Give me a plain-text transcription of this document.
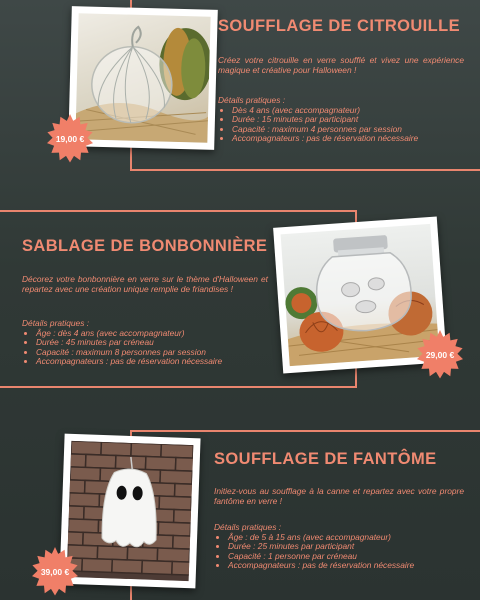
SOUFFLAGE DE CITROUILLE
Créez votre citrouille en verre soufflé et vivez une expérience magique et créative pour Halloween !
Détails pratiques :
• Dès 4 ans (avec accompagnateur)
• Durée : 15 minutes par participant
• Capacité : maximum 4 personnes par session
• Accompagnateurs : pas de réservation nécessaire
19,00 €
SABLAGE DE BONBONNIÈRE
Décorez votre bonbonnière en verre sur le thème d'Halloween et repartez avec une création unique remplie de friandises !
Détails pratiques :
• Âge : dès 4 ans (avec accompagnateur)
• Durée : 45 minutes par créneau
• Capacité : maximum 8 personnes par session
• Accompagnateurs : pas de réservation nécessaire
29,00 €
SOUFFLAGE DE FANTÔME
Initiez-vous au soufflage à la canne et repartez avec votre propre fantôme en verre !
Détails pratiques :
• Âge : de 5 à 15 ans (avec accompagnateur)
• Durée : 25 minutes par participant
• Capacité : 1 personne par créneau
• Accompagnateurs : pas de réservation nécessaire
39,00 €
